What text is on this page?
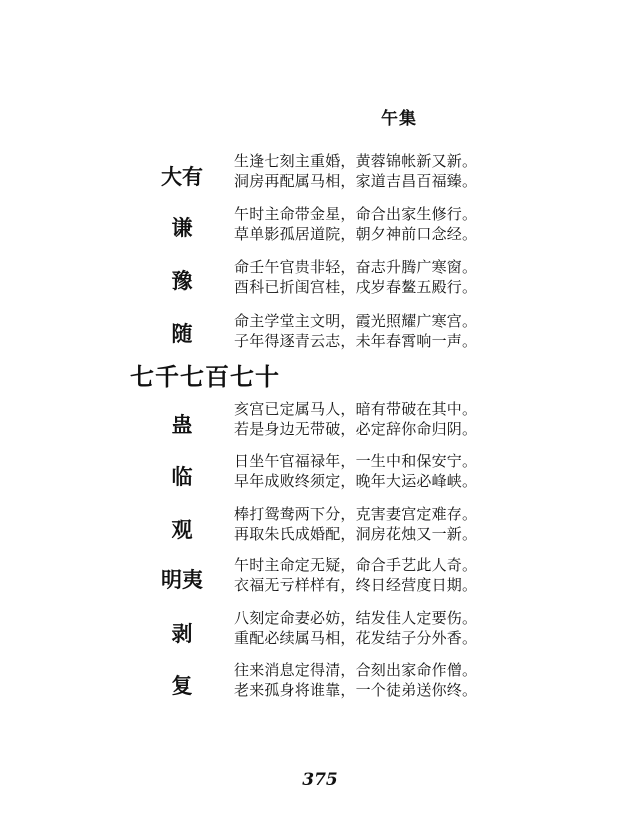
午集
大有
生逢七刻主重婚，黄蓉锦帐新又新。
洞房再配属马相，家道吉昌百福臻。
谦
午时主命带金星，命合出家生修行。
草单影孤居道院，朝夕神前口念经。
豫
命壬午官贵非轻，奋志升腾广寒窗。
酉科已折闺宫桂，戌岁春鳌五殿行。
随	命主学堂主文明，霞光照耀广寒宫。
子年得逐青云志，未年春霄响一声。
七千七百七十
蛊
亥宫已定属马人，暗有带破在其中。
若是身边无带破，必定辞你命归阴。
临
日坐午官福禄年，一生中和保安宁。
早年成败终须定，晚年大运必峰峡。
观
棒打鸳鸯两下分，克害妻宫定难存。
再取朱氏成婚配，洞房花烛又一新。
明夷
午时主命定无疑，命合手艺此人奇。
衣福无亏样样有，终日经营度日期。
剥
八刻定命妻必妨，结发佳人定要伤。
重配必续属马相，花发结子分外香。
复
往来消息定得清，合刻出家命作僧。
老来孤身将谁靠，一个徒弟送你终。
375
